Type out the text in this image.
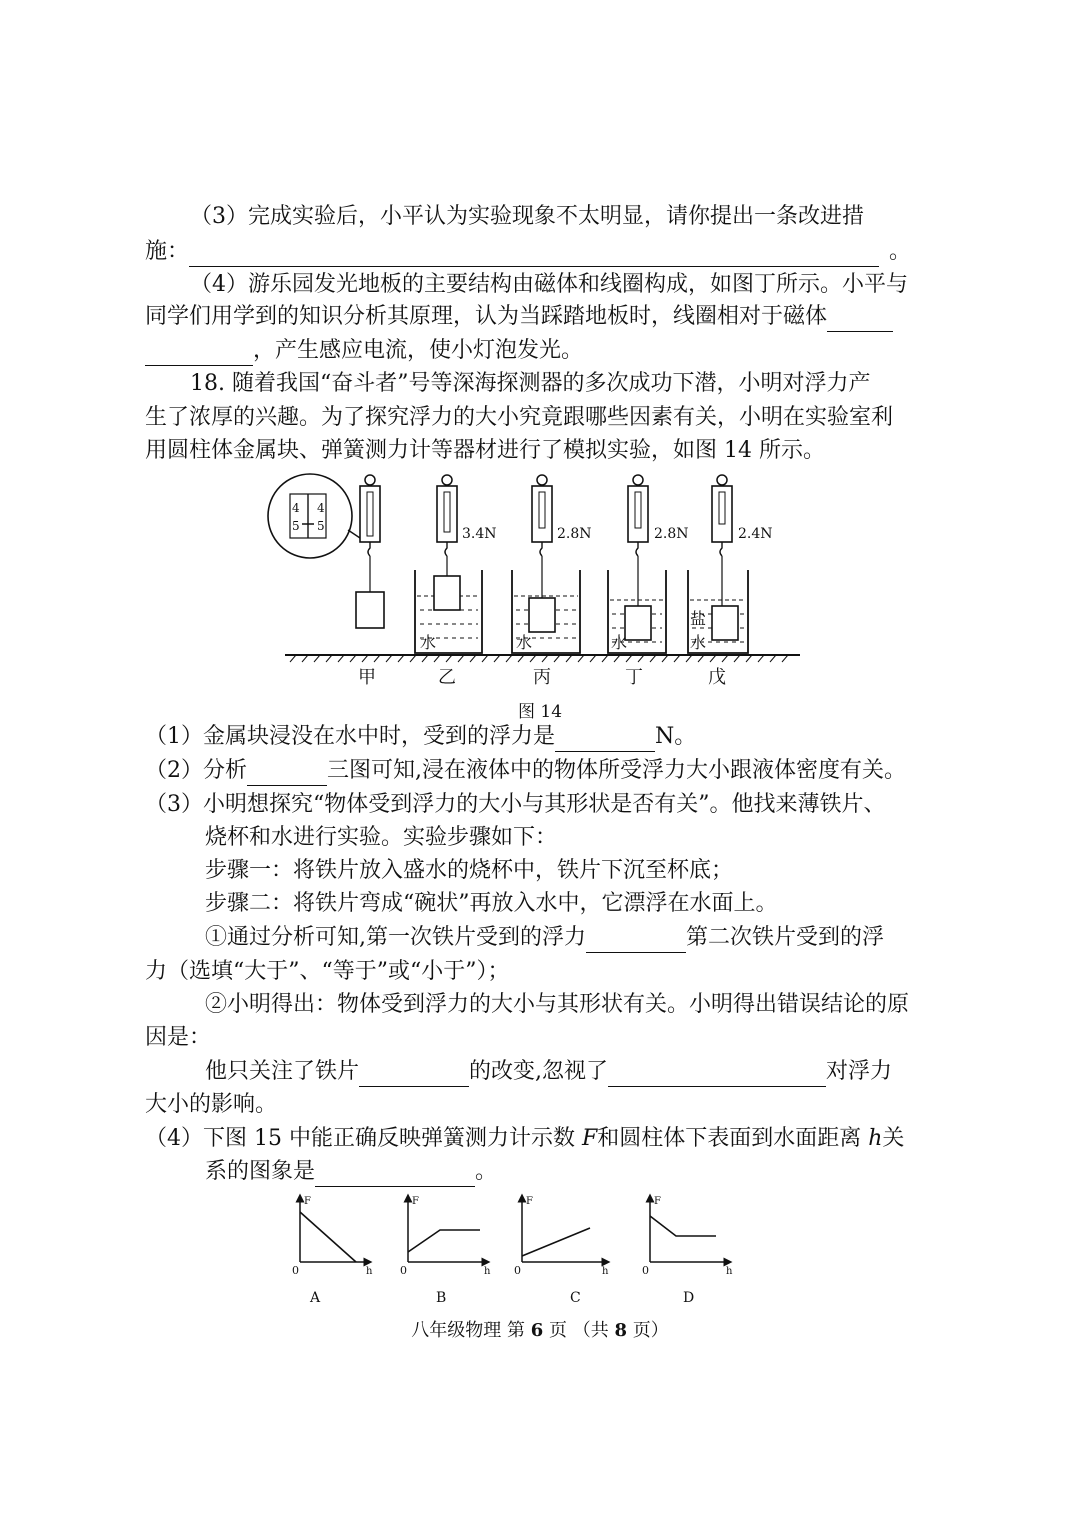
（3）完成实验后，小平认为实验现象不太明显，请你提出一条改进措
施：	。
（4）游乐园发光地板的主要结构由磁体和线圈构成，如图丁所示。小平与
同学们用学到的知识分析其原理，认为当踩踏地板时，线圈相对于磁体
，产生感应电流，使小灯泡发光。
18. 随着我国“奋斗者”号等深海探测器的多次成功下潜，小明对浮力产
生了浓厚的兴趣。为了探究浮力的大小究竟跟哪些因素有关，小明在实验室利
用圆柱体金属块、弹簧测力计等器材进行了模拟实验，如图 14 所示。
4 4
5 5	3.4N
水
2.8N
水
2.8N
水
2.4N
盐
水
甲	乙	丙	丁	戊
图 14
（1）金属块浸没在水中时，受到的浮力是	N。
（2）分析	三图可知,浸在液体中的物体所受浮力大小跟液体密度有关。
（3）小明想探究“物体受到浮力的大小与其形状是否有关”。他找来薄铁片、
烧杯和水进行实验。实验步骤如下：
步骤一：将铁片放入盛水的烧杯中，铁片下沉至杯底；
步骤二：将铁片弯成“碗状”再放入水中，它漂浮在水面上。
①通过分析可知,第一次铁片受到的浮力	第二次铁片受到的浮
力（选填“大于”、“等于”或“小于”）；
②小明得出：物体受到浮力的大小与其形状有关。小明得出错误结论的原
因是：
他只关注了铁片	的改变,忽视了	对浮力
大小的影响。
（4）下图 15 中能正确反映弹簧测力计示数 F和圆柱体下表面到水面距离 h关
系的图象是	。
F
0	h
A
F
0	h
B
F
0	h
C
F
0	h
D
八年级物理 第 6 页 （共 8 页）
